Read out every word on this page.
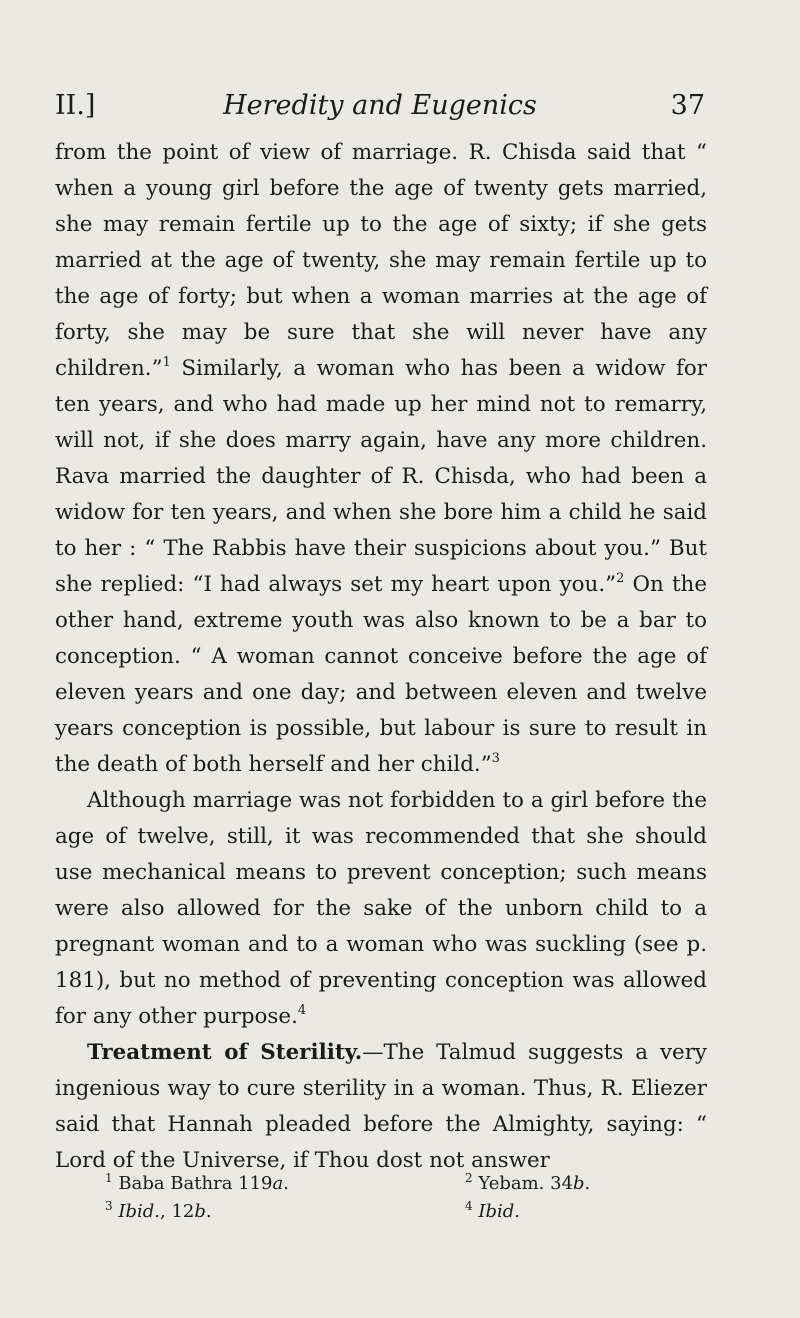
II.]	Heredity and Eugenics	37

from the point of view of marriage. R. Chisda said that “ when a young girl before the age of twenty gets married, she may remain fertile up to the age of sixty; if she gets married at the age of twenty, she may remain fertile up to the age of forty; but when a woman marries at the age of forty, she may be sure that she will never have any children.”$^1$ Similarly, a woman who has been a widow for ten years, and who had made up her mind not to remarry, will not, if she does marry again, have any more children. Rava married the daughter of R. Chisda, who had been a widow for ten years, and when she bore him a child he said to her : “ The Rabbis have their suspicions about you.” But she replied: “I had always set my heart upon you.”$^2$ On the other hand, extreme youth was also known to be a bar to conception. “ A woman cannot conceive before the age of eleven years and one day; and between eleven and twelve years conception is possible, but labour is sure to result in the death of both herself and her child.”$^3$

Although marriage was not forbidden to a girl before the age of twelve, still, it was recommended that she should use mechanical means to prevent conception; such means were also allowed for the sake of the unborn child to a pregnant woman and to a woman who was suckling (see p. 181), but no method of preventing conception was allowed for any other purpose.$^4$

Treatment of Sterility.—The Talmud suggests a very ingenious way to cure sterility in a woman. Thus, R. Eliezer said that Hannah pleaded before the Almighty, saying: “ Lord of the Universe, if Thou dost not answer

$^1$ Baba Bathra 119a.	$^2$ Yebam. 34b.
$^3$ Ibid., 12b.	$^4$ Ibid.
